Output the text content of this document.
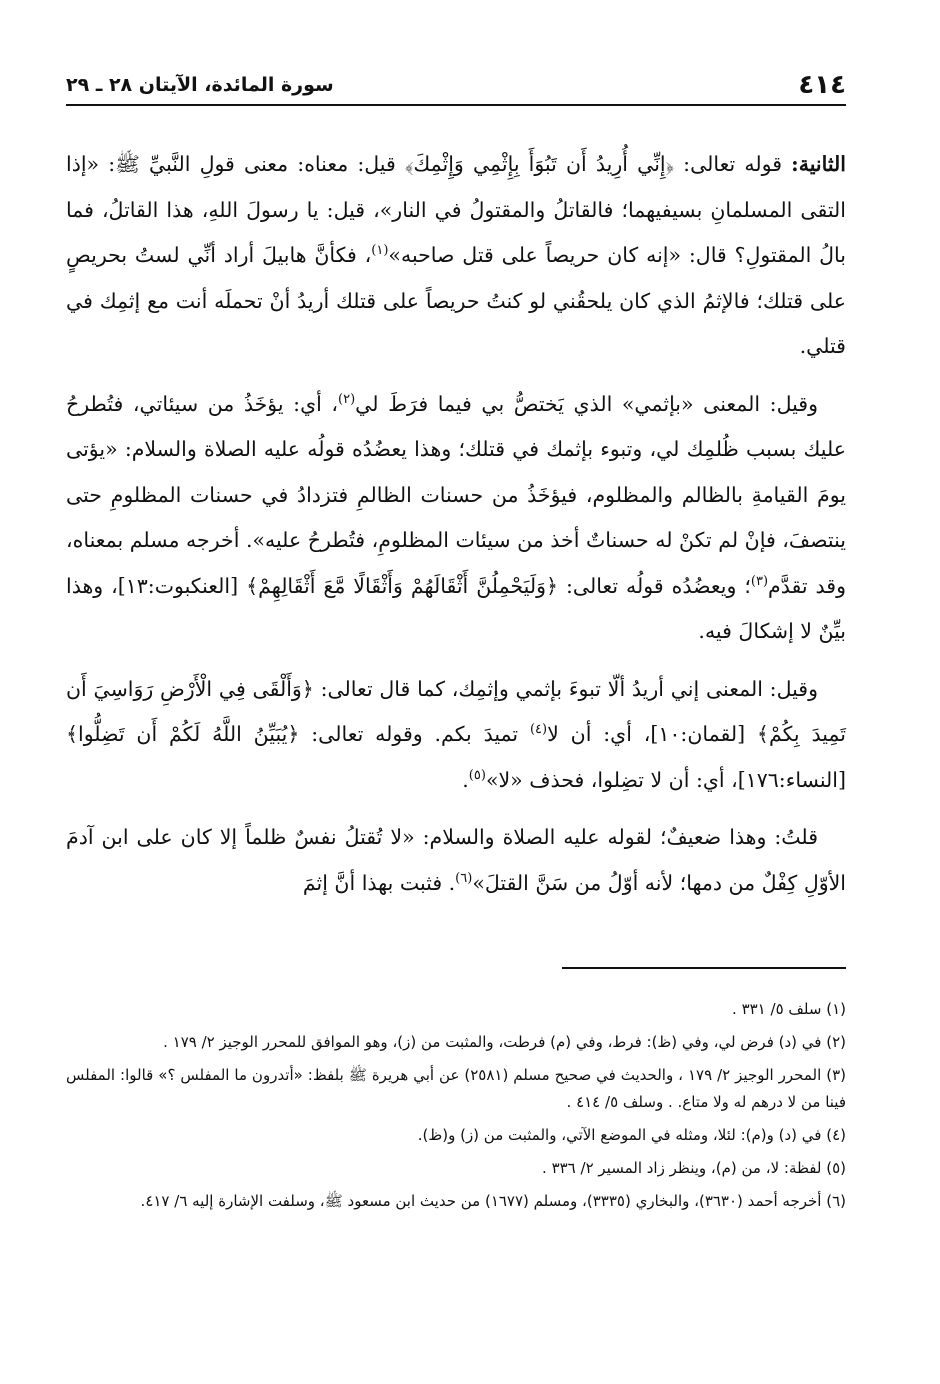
٤١٤
سورة المائدة، الآيتان ٢٨ ـ ٢٩

الثانية: قوله تعالى: ﴿إِنِّي أُرِيدُ أَن تَبُوَأَ بِإِثْمِي وَإِثْمِكَ﴾ قيل: معناه: معنى قولِ النَّبيِّ ﷺ: «إذا التقى المسلمانِ بسيفيهما؛ فالقاتلُ والمقتولُ في النار»، قيل: يا رسولَ اللهِ، هذا القاتلُ، فما بالُ المقتولِ؟ قال: «إنه كان حريصاً على قتل صاحبه»$^{(١)}$، فكأنَّ هابيلَ أراد أنِّي لستُ بحريصٍ على قتلك؛ فالإثمُ الذي كان يلحقُني لو كنتُ حريصاً على قتلك أريدُ أنْ تحملَه أنت مع إثمِك في قتلي.

وقيل: المعنى «بإثمي» الذي يَختصُّ بي فيما فرَطَ لي$^{(٢)}$، أي: يؤخَذُ من سيئاتي، فتُطرحُ عليك بسبب ظُلمِك لي، وتبوء بإثمك في قتلك؛ وهذا يعضُدُه قولُه عليه الصلاة والسلام: «يؤتى يومَ القيامةِ بالظالم والمظلوم، فيؤخَذُ من حسنات الظالمِ فتزدادُ في حسنات المظلومِ حتى ينتصفَ، فإنْ لم تكنْ له حسناتٌ أخذ من سيئات المظلومِ، فتُطرحُ عليه». أخرجه مسلم بمعناه، وقد تقدَّم$^{(٣)}$؛ ويعضُدُه قولُه تعالى: ﴿وَلَيَحْمِلُنَّ أَثْقَالَهُمْ وَأَثْقَالًا مَّعَ أَثْقَالِهِمْ﴾ [العنكبوت:١٣]، وهذا بيِّنٌ لا إشكالَ فيه.

وقيل: المعنى إني أريدُ ألّا تبوءَ بإثمي وإثمِك، كما قال تعالى: ﴿وَأَلْقَى فِي الْأَرْضِ رَوَاسِيَ أَن تَمِيدَ بِكُمْ﴾ [لقمان:١٠]، أي: أن لا$^{(٤)}$ تميدَ بكم. وقوله تعالى: ﴿يُبَيِّنُ اللَّهُ لَكُمْ أَن تَضِلُّوا﴾ [النساء:١٧٦]، أي: أن لا تضِلوا، فحذف «لا»$^{(٥)}$.

قلتُ: وهذا ضعيفٌ؛ لقوله عليه الصلاة والسلام: «لا تُقتلُ نفسٌ ظلماً إلا كان على ابن آدمَ الأوّلِ كِفْلٌ من دمها؛ لأنه أوّلُ من سَنَّ القتلَ»$^{(٦)}$. فثبت بهذا أنَّ إثمَ

(١) سلف ٥/ ٣٣١ .

(٢) في (د) فرض لي، وفي (ظ): فرط، وفي (م) فرطت، والمثبت من (ز)، وهو الموافق للمحرر الوجيز ٢/ ١٧٩ .

(٣) المحرر الوجيز ٢/ ١٧٩ ، والحديث في صحيح مسلم (٢٥٨١) عن أبي هريرة ﷺ بلفظ: «أتدرون ما المفلس ؟» قالوا: المفلس فينا من لا درهم له ولا متاع. . وسلف ٥/ ٤١٤ .

(٤) في (د) و(م): لئلا، ومثله في الموضع الآتي، والمثبت من (ز) و(ظ).

(٥) لفظة: لا، من (م)، وينظر زاد المسير ٢/ ٣٣٦ .

(٦) أخرجه أحمد (٣٦٣٠)، والبخاري (٣٣٣٥)، ومسلم (١٦٧٧) من حديث ابن مسعود ﷺ، وسلفت الإشارة إليه ٦/ ٤١٧.
